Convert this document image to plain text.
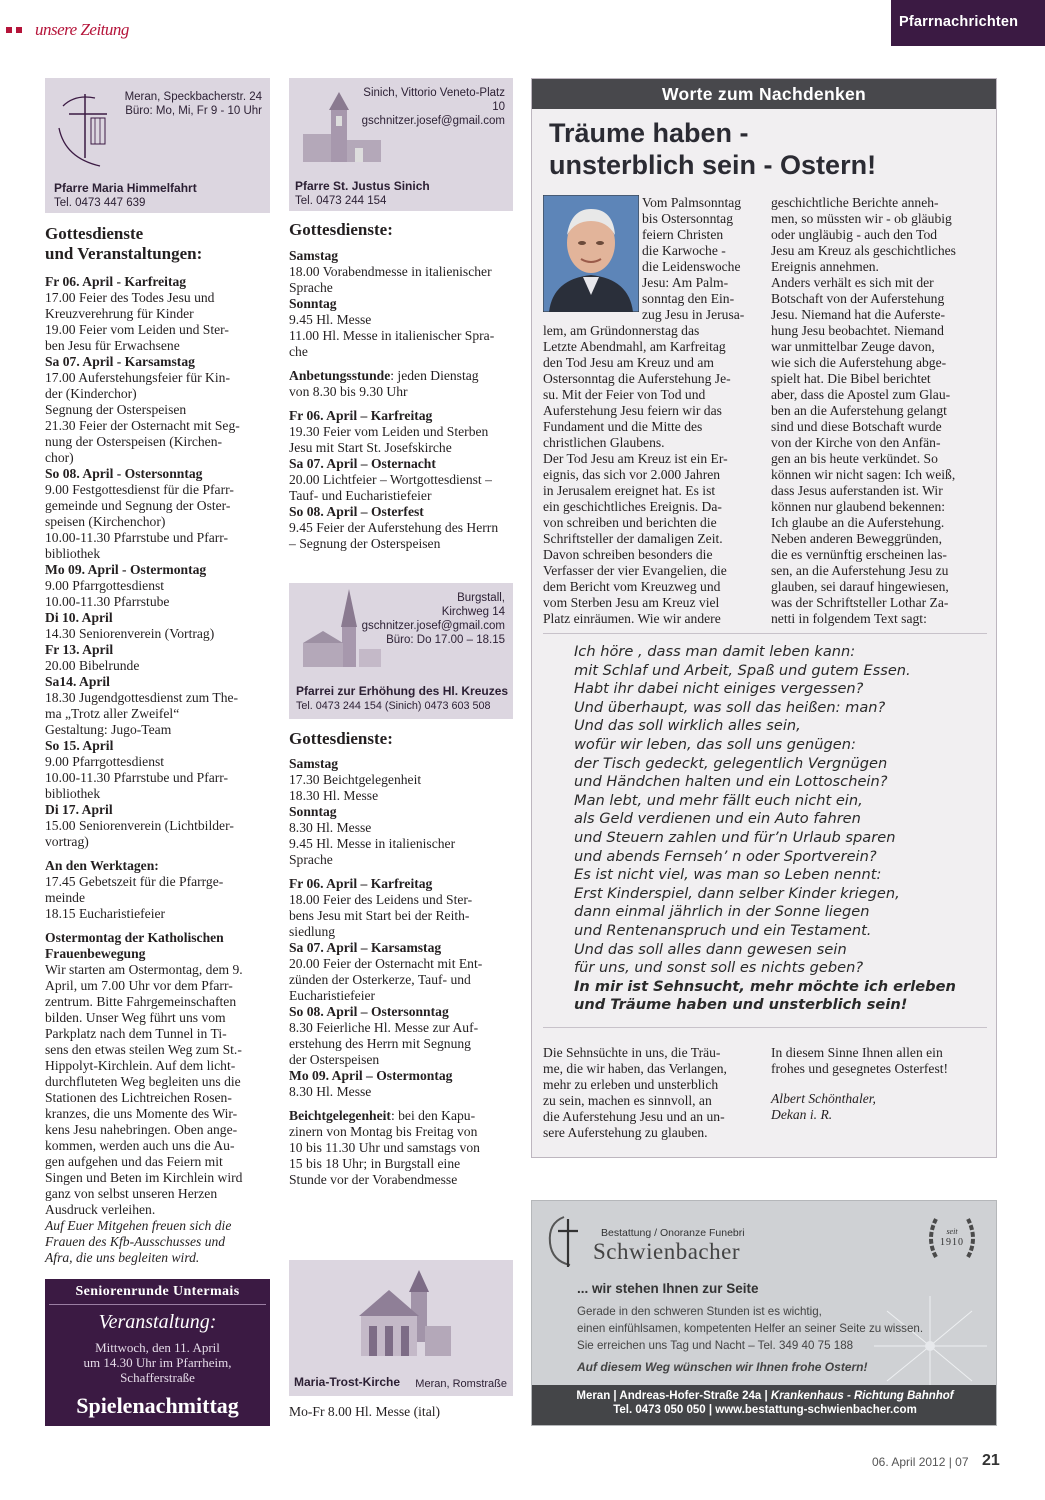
unsere Zeitung	Pfarrnachrichten
Meran, Speckbacherstr. 24
Büro: Mo, Mi, Fr 9 - 10 Uhr
Pfarre Maria Himmelfahrt
Tel. 0473 447 639
Gottesdienste
und Veranstaltungen:
Fr 06. April - Karfreitag
17.00 Feier des Todes Jesu und
Kreuzverehrung für Kinder
19.00 Feier vom Leiden und Ster-
ben Jesu für Erwachsene
Sa 07. April - Karsamstag
17.00 Auferstehungsfeier für Kin-
der (Kinderchor)
Segnung der Osterspeisen
21.30 Feier der Osternacht mit Seg-
nung der Osterspeisen (Kirchen-
chor)
So 08. April - Ostersonntag
9.00 Festgottesdienst für die Pfarr-
gemeinde und Segnung der Oster-
speisen (Kirchenchor)
10.00-11.30 Pfarrstube und Pfarr-
bibliothek
Mo 09. April - Ostermontag
9.00 Pfarrgottesdienst
10.00-11.30 Pfarrstube
Di 10. April
14.30 Seniorenverein (Vortrag)
Fr 13. April
20.00 Bibelrunde
Sa14. April
18.30 Jugendgottesdienst zum The-
ma „Trotz aller Zweifel“
Gestaltung: Jugo-Team
So 15. April
9.00 Pfarrgottesdienst
10.00-11.30 Pfarrstube und Pfarr-
bibliothek
Di 17. April
15.00 Seniorenverein (Lichtbilder-
vortrag)
An den Werktagen:
17.45 Gebetszeit für die Pfarrge-
meinde
18.15 Eucharistiefeier
Ostermontag der Katholischen
Frauenbewegung
Wir starten am Ostermontag, dem 9.
April, um 7.00 Uhr vor dem Pfarr-
zentrum. Bitte Fahrgemeinschaften
bilden. Unser Weg führt uns vom
Parkplatz nach dem Tunnel in Ti-
sens den etwas steilen Weg zum St.-
Hippolyt-Kirchlein. Auf dem licht-
durchfluteten Weg begleiten uns die
Stationen des Lichtreichen Rosen-
kranzes, die uns Momente des Wir-
kens Jesu nahebringen. Oben ange-
kommen, werden auch uns die Au-
gen aufgehen und das Feiern mit
Singen und Beten im Kirchlein wird
ganz von selbst unseren Herzen
Ausdruck verleihen.
Auf Euer Mitgehen freuen sich die
Frauen des Kfb-Ausschusses und
Afra, die uns begleiten wird.
Seniorenrunde Untermais
Veranstaltung:
Mittwoch, den 11. April
um 14.30 Uhr im Pfarrheim,
Schafferstraße
Spielenachmittag
Sinich, Vittorio Veneto-Platz
10
gschnitzer.josef@gmail.com
Pfarre St. Justus Sinich
Tel. 0473 244 154
Gottesdienste:
Samstag
18.00 Vorabendmesse in italienischer
Sprache
Sonntag
9.45 Hl. Messe
11.00 Hl. Messe in italienischer Spra-
che
Anbetungsstunde: jeden Dienstag
von 8.30 bis 9.30 Uhr
Fr 06. April – Karfreitag
19.30 Feier vom Leiden und Sterben
Jesu mit Start St. Josefskirche
Sa 07. April – Osternacht
20.00 Lichtfeier – Wortgottesdienst –
Tauf- und Eucharistiefeier
So 08. April – Osterfest
9.45 Feier der Auferstehung des Herrn
– Segnung der Osterspeisen
Burgstall,
Kirchweg 14
gschnitzer.josef@gmail.com
Büro: Do 17.00 – 18.15
Pfarrei zur Erhöhung des Hl. Kreuzes
Tel. 0473 244 154 (Sinich) 0473 603 508
Gottesdienste:
Samstag
17.30 Beichtgelegenheit
18.30 Hl. Messe
Sonntag
8.30 Hl. Messe
9.45 Hl. Messe in italienischer
Sprache
Fr 06. April – Karfreitag
18.00 Feier des Leidens und Ster-
bens Jesu mit Start bei der Reith-
siedlung
Sa 07. April – Karsamstag
20.00 Feier der Osternacht mit Ent-
zünden der Osterkerze, Tauf- und
Eucharistiefeier
So 08. April – Ostersonntag
8.30 Feierliche Hl. Messe zur Auf-
erstehung des Herrn mit Segnung
der Osterspeisen
Mo 09. April – Ostermontag
8.30 Hl. Messe
Beichtgelegenheit: bei den Kapu-
zinern von Montag bis Freitag von
10 bis 11.30 Uhr und samstags von
15 bis 18 Uhr; in Burgstall eine
Stunde vor der Vorabendmesse
Maria-Trost-Kirche Meran, Romstraße
Mo-Fr 8.00 Hl. Messe (ital)
Worte zum Nachdenken
Träume haben -
unsterblich sein - Ostern!
Vom Palmsonntag
bis Ostersonntag
feiern Christen
die Karwoche -
die Leidenswoche
Jesu: Am Palm-
sonntag den Ein-
zug Jesu in Jerusa-
lem, am Gründonnerstag das
Letzte Abendmahl, am Karfreitag
den Tod Jesu am Kreuz und am
Ostersonntag die Auferstehung Je-
su. Mit der Feier von Tod und
Auferstehung Jesu feiern wir das
Fundament und die Mitte des
christlichen Glaubens.
Der Tod Jesu am Kreuz ist ein Er-
eignis, das sich vor 2.000 Jahren
in Jerusalem ereignet hat. Es ist
ein geschichtliches Ereignis. Da-
von schreiben und berichten die
Schriftsteller der damaligen Zeit.
Davon schreiben besonders die
Verfasser der vier Evangelien, die
dem Bericht vom Kreuzweg und
vom Sterben Jesu am Kreuz viel
Platz einräumen. Wie wir andere
geschichtliche Berichte anneh-
men, so müssten wir - ob gläubig
oder ungläubig - auch den Tod
Jesu am Kreuz als geschichtliches
Ereignis annehmen.
Anders verhält es sich mit der
Botschaft von der Auferstehung
Jesu. Niemand hat die Auferste-
hung Jesu beobachtet. Niemand
war unmittelbar Zeuge davon,
wie sich die Auferstehung abge-
spielt hat. Die Bibel berichtet
aber, dass die Apostel zum Glau-
ben an die Auferstehung gelangt
sind und diese Botschaft wurde
von der Kirche von den Anfän-
gen an bis heute verkündet. So
können wir nicht sagen: Ich weiß,
dass Jesus auferstanden ist. Wir
können nur glaubend bekennen:
Ich glaube an die Auferstehung.
Neben anderen Beweggründen,
die es vernünftig erscheinen las-
sen, an die Auferstehung Jesu zu
glauben, sei darauf hingewiesen,
was der Schriftsteller Lothar Za-
netti in folgendem Text sagt:
Ich höre , dass man damit leben kann:
mit Schlaf und Arbeit, Spaß und gutem Essen.
Habt ihr dabei nicht einiges vergessen?
Und überhaupt, was soll das heißen: man?
Und das soll wirklich alles sein,
wofür wir leben, das soll uns genügen:
der Tisch gedeckt, gelegentlich Vergnügen
und Händchen halten und ein Lottoschein?
Man lebt, und mehr fällt euch nicht ein,
als Geld verdienen und ein Auto fahren
und Steuern zahlen und für’n Urlaub sparen
und abends Fernseh’ n oder Sportverein?
Es ist nicht viel, was man so Leben nennt:
Erst Kinderspiel, dann selber Kinder kriegen,
dann einmal jährlich in der Sonne liegen
und Rentenanspruch und ein Testament.
Und das soll alles dann gewesen sein
für uns, und sonst soll es nichts geben?
In mir ist Sehnsucht, mehr möchte ich erleben
und Träume haben und unsterblich sein!
Die Sehnsüchte in uns, die Träu-
me, die wir haben, das Verlangen,
mehr zu erleben und unsterblich
zu sein, machen es sinnvoll, an
die Auferstehung Jesu und an un-
sere Auferstehung zu glauben.
In diesem Sinne Ihnen allen ein
frohes und gesegnetes Osterfest!
Albert Schönthaler,
Dekan i. R.
Bestattung / Onoranze Funebri
Schwienbacher
seit
1910
... wir stehen Ihnen zur Seite
Gerade in den schweren Stunden ist es wichtig,
einen einfühlsamen, kompetenten Helfer an seiner Seite zu wissen.
Sie erreichen uns Tag und Nacht – Tel. 349 40 75 188
Auf diesem Weg wünschen wir Ihnen frohe Ostern!
Meran | Andreas-Hofer-Straße 24a | Krankenhaus - Richtung Bahnhof
Tel. 0473 050 050 | www.bestattung-schwienbacher.com
06. April 2012 | 07 21
